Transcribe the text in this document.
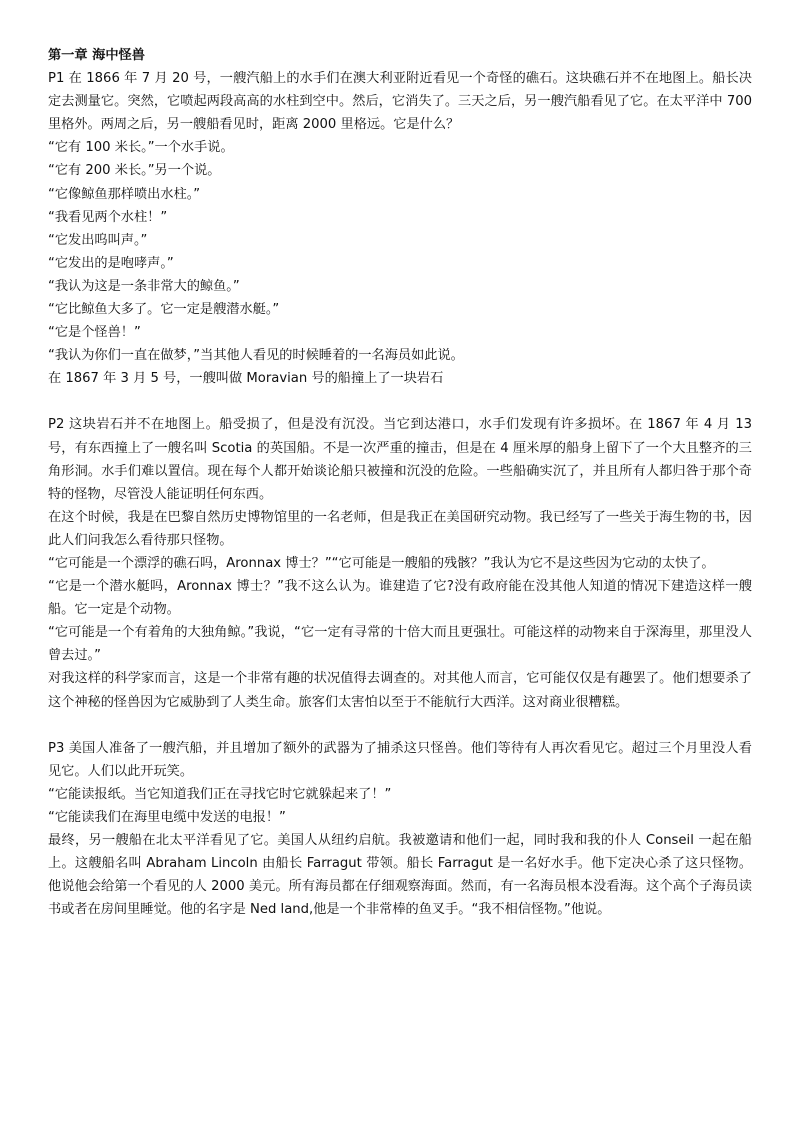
第一章 海中怪兽

P1 在 1866 年 7 月 20 号，一艘汽船上的水手们在澳大利亚附近看见一个奇怪的礁石。这块礁石并不在地图上。船长决定去测量它。突然，它喷起两段高高的水柱到空中。然后，它消失了。三天之后，另一艘汽船看见了它。在太平洋中 700 里格外。两周之后，另一艘船看见时，距离 2000 里格远。它是什么？

“它有 100 米长。”一个水手说。

“它有 200 米长。”另一个说。

“它像鲸鱼那样喷出水柱。”

“我看见两个水柱！”

“它发出呜叫声。”

“它发出的是咆哮声。”

“我认为这是一条非常大的鲸鱼。”

“它比鲸鱼大多了。它一定是艘潜水艇。”

“它是个怪兽！”

“我认为你们一直在做梦，”当其他人看见的时候睡着的一名海员如此说。

在 1867 年 3 月 5 号，一艘叫做 Moravian 号的船撞上了一块岩石

P2 这块岩石并不在地图上。船受损了，但是没有沉没。当它到达港口，水手们发现有许多损坏。在 1867 年 4 月 13 号，有东西撞上了一艘名叫 Scotia 的英国船。不是一次严重的撞击，但是在 4 厘米厚的船身上留下了一个大且整齐的三角形洞。水手们难以置信。现在每个人都开始谈论船只被撞和沉没的危险。一些船确实沉了，并且所有人都归咎于那个奇特的怪物，尽管没人能证明任何东西。

在这个时候，我是在巴黎自然历史博物馆里的一名老师，但是我正在美国研究动物。我已经写了一些关于海生物的书，因此人们问我怎么看待那只怪物。

“它可能是一个漂浮的礁石吗，Aronnax 博士？”“它可能是一艘船的残骸？”我认为它不是这些因为它动的太快了。

“它是一个潜水艇吗，Aronnax 博士？”我不这么认为。谁建造了它?没有政府能在没其他人知道的情况下建造这样一艘船。它一定是个动物。

“它可能是一个有着角的大独角鲸。”我说，“它一定有寻常的十倍大而且更强壮。可能这样的动物来自于深海里，那里没人曾去过。”

对我这样的科学家而言，这是一个非常有趣的状况值得去调查的。对其他人而言，它可能仅仅是有趣罢了。他们想要杀了这个神秘的怪兽因为它威胁到了人类生命。旅客们太害怕以至于不能航行大西洋。这对商业很糟糕。

P3 美国人准备了一艘汽船，并且增加了额外的武器为了捕杀这只怪兽。他们等待有人再次看见它。超过三个月里没人看见它。人们以此开玩笑。

“它能读报纸。当它知道我们正在寻找它时它就躲起来了！”

“它能读我们在海里电缆中发送的电报！”

最终，另一艘船在北太平洋看见了它。美国人从纽约启航。我被邀请和他们一起，同时我和我的仆人 Conseil 一起在船上。这艘船名叫 Abraham Lincoln 由船长 Farragut 带领。船长 Farragut 是一名好水手。他下定决心杀了这只怪物。他说他会给第一个看见的人 2000 美元。所有海员都在仔细观察海面。然而，有一名海员根本没看海。这个高个子海员读书或者在房间里睡觉。他的名字是 Ned land,他是一个非常棒的鱼叉手。“我不相信怪物。”他说。
